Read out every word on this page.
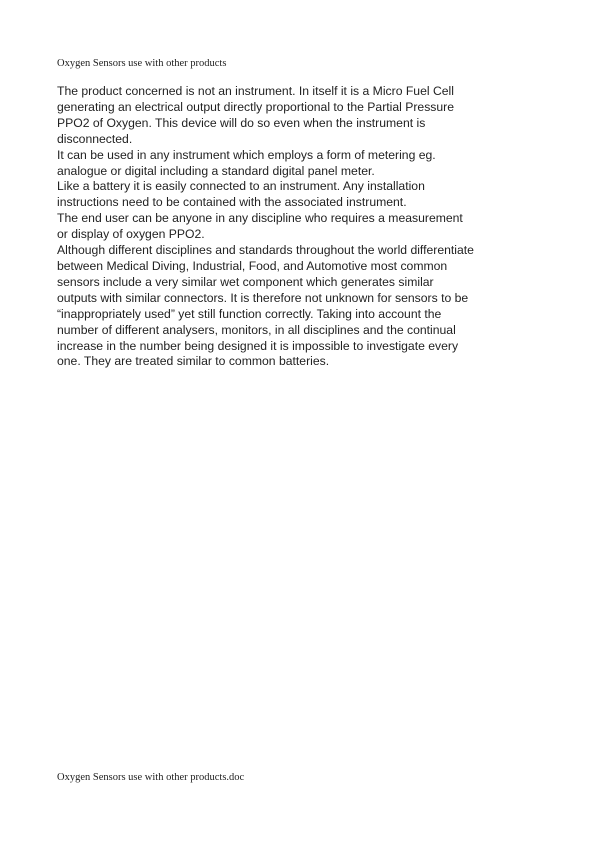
Oxygen Sensors use with other products
The product concerned is not an instrument. In itself it is a Micro Fuel Cell
generating an electrical output directly proportional to the Partial Pressure
PPO2 of Oxygen. This device will do so even when the instrument is
disconnected.
It can be used in any instrument which employs a form of metering eg.
analogue or digital including a standard digital panel meter.
Like a battery it is easily connected to an instrument. Any installation
instructions need to be contained with the associated instrument.
The end user can be anyone in any discipline who requires a measurement
or display of oxygen PPO2.
Although different disciplines and standards throughout the world differentiate
between Medical Diving, Industrial, Food, and Automotive most common
sensors include a very similar wet component which generates similar
outputs with similar connectors. It is therefore not unknown for sensors to be
“inappropriately used” yet still function correctly. Taking into account the
number of different analysers, monitors, in all disciplines and the continual
increase in the number being designed it is impossible to investigate every
one. They are treated similar to common batteries.
Oxygen Sensors use with other products.doc
